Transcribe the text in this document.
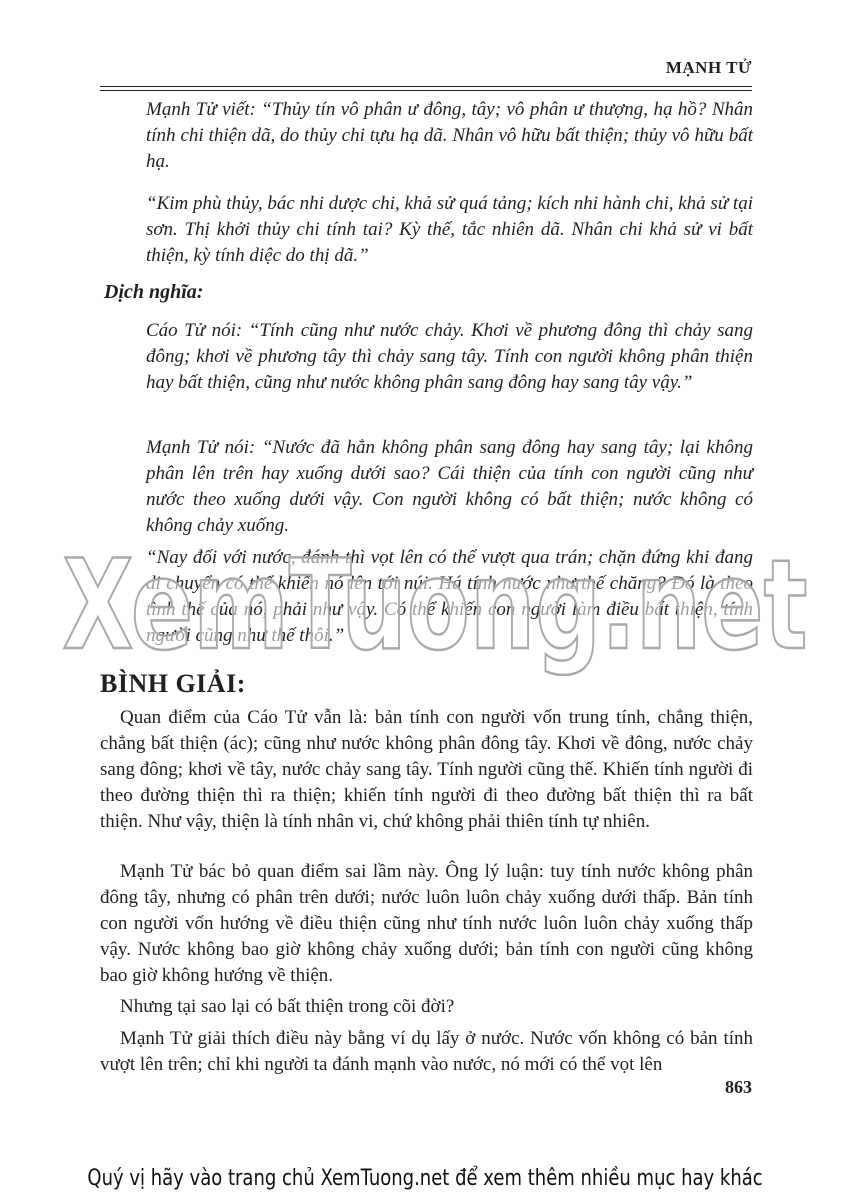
MẠNH TỬ

Mạnh Tử viết: “Thủy tín vô phân ư đông, tây; vô phân ư thượng, hạ hồ? Nhân tính chi thiện dã, do thủy chi tựu hạ dã. Nhân vô hữu bất thiện; thủy vô hữu bất hạ.

“Kim phù thủy, bác nhi dược chi, khả sử quá tảng; kích nhi hành chi, khả sử tại sơn. Thị khởi thủy chi tính tai? Kỳ thế, tắc nhiên dã. Nhân chi khả sử vi bất thiện, kỳ tính diệc do thị dã.”

Dịch nghĩa:

Cáo Tử nói: “Tính cũng như nước chảy. Khơi về phương đông thì chảy sang đông; khơi về phương tây thì chảy sang tây. Tính con người không phân thiện hay bất thiện, cũng như nước không phân sang đông hay sang tây vậy.”

Mạnh Tử nói: “Nước đã hẳn không phân sang đông hay sang tây; lại không phân lên trên hay xuống dưới sao? Cái thiện của tính con người cũng như nước theo xuống dưới vậy. Con người không có bất thiện; nước không có không chảy xuống.

“Nay đối với nước, đánh thì vọt lên có thể vượt qua trán; chặn đứng khi đang di chuyển có thể khiến nó lên tới núi. Há tính nước như thế chăng? Đó là theo tình thế của nó, phải như vậy. Có thể khiến con người làm điều bất thiện, tính người cũng như thế thôi.”

XemTuong.net
BÌNH GIẢI:

Quan điểm của Cáo Tử vẫn là: bản tính con người vốn trung tính, chẳng thiện, chẳng bất thiện (ác); cũng như nước không phân đông tây. Khơi về đông, nước chảy sang đông; khơi về tây, nước chảy sang tây. Tính người cũng thế. Khiến tính người đi theo đường thiện thì ra thiện; khiến tính người đi theo đường bất thiện thì ra bất thiện. Như vậy, thiện là tính nhân vi, chứ không phải thiên tính tự nhiên.

Mạnh Tử bác bỏ quan điểm sai lầm này. Ông lý luận: tuy tính nước không phân đông tây, nhưng có phân trên dưới; nước luôn luôn chảy xuống dưới thấp. Bản tính con người vốn hướng về điều thiện cũng như tính nước luôn luôn chảy xuống thấp vậy. Nước không bao giờ không chảy xuống dưới; bản tính con người cũng không bao giờ không hướng về thiện.

Nhưng tại sao lại có bất thiện trong cõi đời?

Mạnh Tử giải thích điều này bằng ví dụ lấy ở nước. Nước vốn không có bản tính vượt lên trên; chỉ khi người ta đánh mạnh vào nước, nó mới có thể vọt lên

863
Quý vị hãy vào trang chủ XemTuong.net để xem thêm nhiều mục hay khác
